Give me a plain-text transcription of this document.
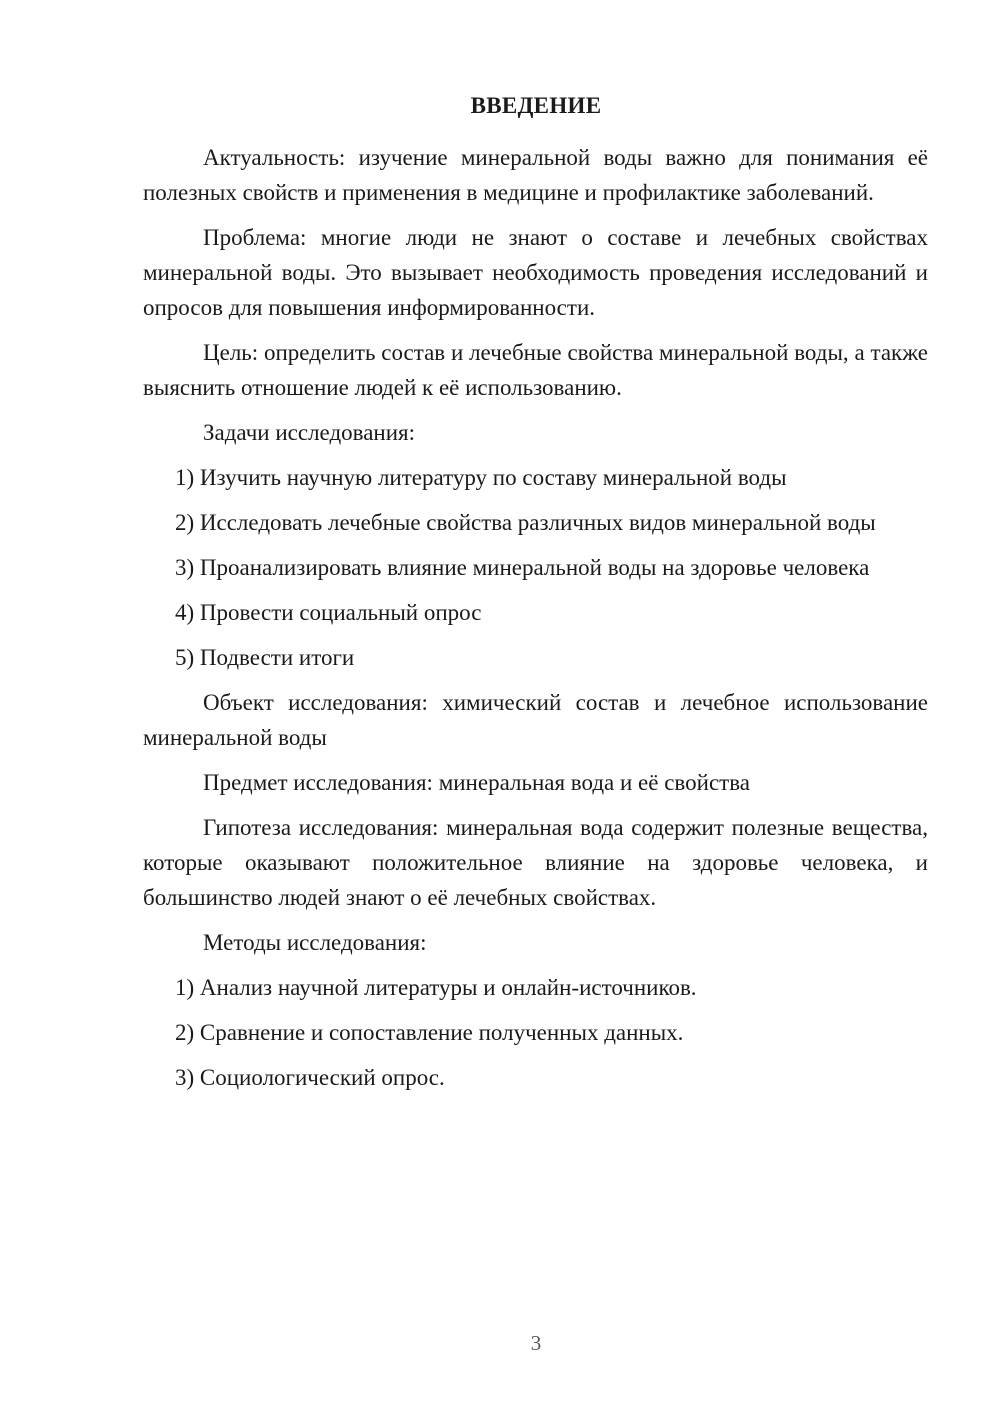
ВВЕДЕНИЕ

Актуальность: изучение минеральной воды важно для понимания её полезных свойств и применения в медицине и профилактике заболеваний.

Проблема: многие люди не знают о составе и лечебных свойствах минеральной воды. Это вызывает необходимость проведения исследований и опросов для повышения информированности.

Цель: определить состав и лечебные свойства минеральной воды, а также выяснить отношение людей к её использованию.

Задачи исследования:

1) Изучить научную литературу по составу минеральной воды

2) Исследовать лечебные свойства различных видов минеральной воды

3) Проанализировать влияние минеральной воды на здоровье человека

4) Провести социальный опрос

5) Подвести итоги

Объект исследования: химический состав и лечебное использование минеральной воды

Предмет исследования: минеральная вода и её свойства

Гипотеза исследования: минеральная вода содержит полезные вещества, которые оказывают положительное влияние на здоровье человека, и большинство людей знают о её лечебных свойствах.

Методы исследования:

1) Анализ научной литературы и онлайн-источников.

2) Сравнение и сопоставление полученных данных.

3) Социологический опрос.

3
